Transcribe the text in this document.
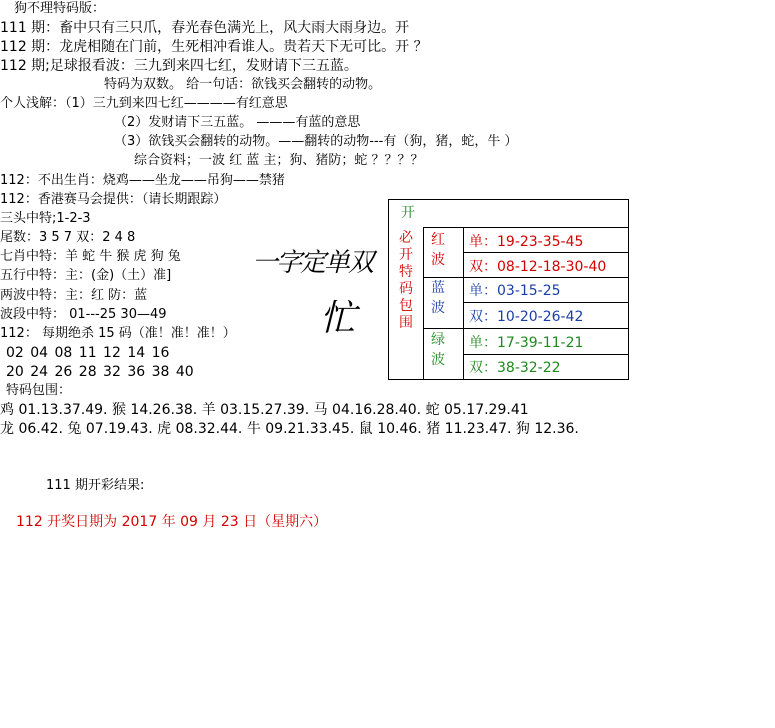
狗不理特码版：
111 期：畜中只有三只爪，春光春色满光上，风大雨大雨身边。开
112 期：龙虎相随在门前，生死相冲看谁人。贵若天下无可比。开 ？
112 期;足球报看波：三九到来四七红，发财请下三五蓝。
特码为双数。 给一句话：欲钱买会翻转的动物。
个人浅解：（1）三九到来四七红————有红意思
（2）发财请下三五蓝。 ———有蓝的意思
（3）欲钱买会翻转的动物。——翻转的动物---有（狗，猪，蛇，牛 ）
综合资料；一波 红 蓝 主；狗、猪防；蛇 ？？？？
112：不出生肖：烧鸡——坐龙——吊狗——禁猪
112：香港赛马会提供：（请长期跟踪）
三头中特;1-2-3
尾数：3 5 7 双：2 4 8
七肖中特：羊 蛇 牛 猴 虎 狗 兔
五行中特：主：(金)（土）准]
两波中特：主：红 防：蓝
波段中特： 01---25 30—49
112： 每期绝杀 15 码（准！准！准！）
02 04 08 11 12 14 16
20 24 26 28 32 36 38 40
特码包围：
鸡 01.13.37.49. 猴 14.26.38. 羊 03.15.27.39. 马 04.16.28.40. 蛇 05.17.29.41
龙 06.42. 兔 07.19.43. 虎 08.32.44. 牛 09.21.33.45. 鼠 10.46. 猪 11.23.47. 狗 12.36.
111 期开彩结果:
112 开奖日期为 2017 年 09 月 23 日（星期六）
一字定单双
忙
开
必
开
特
码
包
围
红
波
蓝
波
绿
波
单：19-23-35-45
双：08-12-18-30-40
单：03-15-25
双：10-20-26-42
单：17-39-11-21
双：38-32-22
